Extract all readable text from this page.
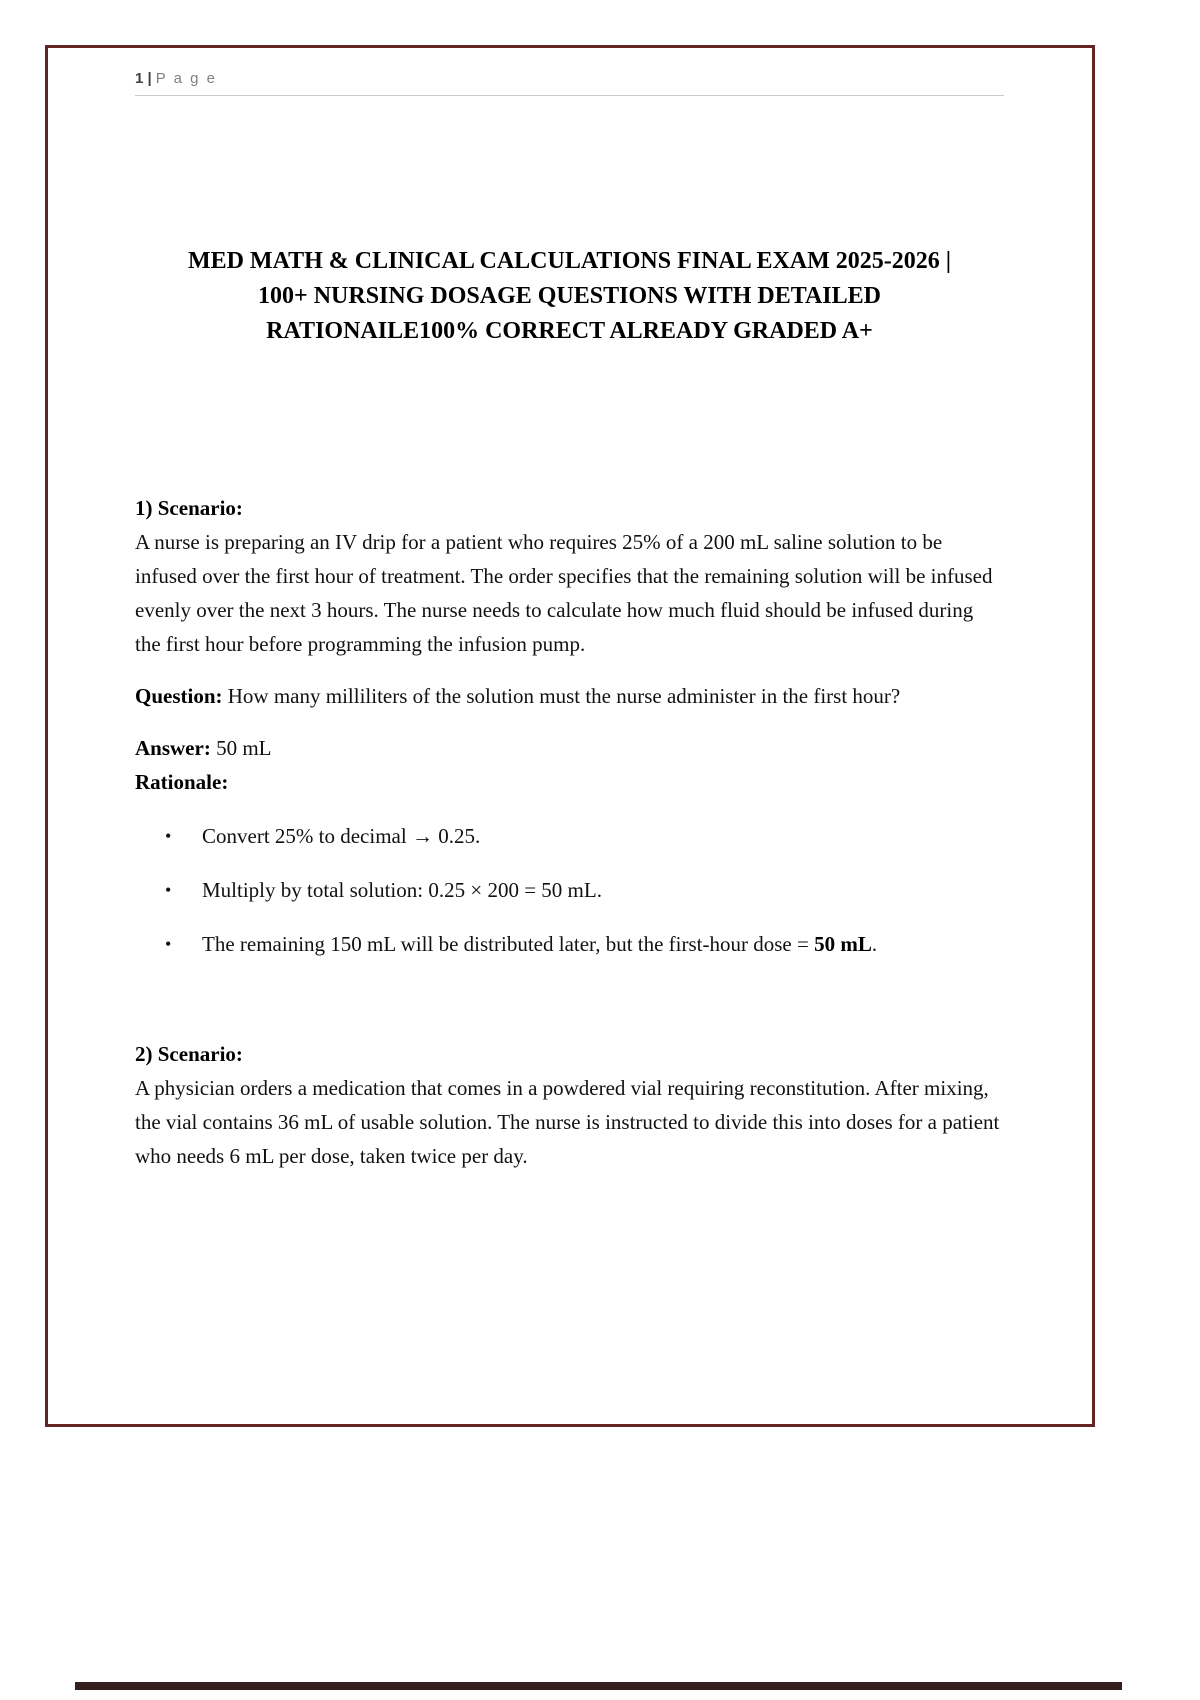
1 | P a g e
MED MATH & CLINICAL CALCULATIONS FINAL EXAM 2025-2026 |
100+ NURSING DOSAGE QUESTIONS WITH DETAILED
RATIONAILE100% CORRECT ALREADY GRADED A+
1) Scenario:
A nurse is preparing an IV drip for a patient who requires 25% of a 200 mL saline solution to be infused over the first hour of treatment. The order specifies that the remaining solution will be infused evenly over the next 3 hours. The nurse needs to calculate how much fluid should be infused during the first hour before programming the infusion pump.
Question: How many milliliters of the solution must the nurse administer in the first hour?
Answer: 50 mL
Rationale:
• Convert 25% to decimal → 0.25.
• Multiply by total solution: 0.25 × 200 = 50 mL.
• The remaining 150 mL will be distributed later, but the first-hour dose = 50 mL.
2) Scenario:
A physician orders a medication that comes in a powdered vial requiring reconstitution. After mixing, the vial contains 36 mL of usable solution. The nurse is instructed to divide this into doses for a patient who needs 6 mL per dose, taken twice per day.
